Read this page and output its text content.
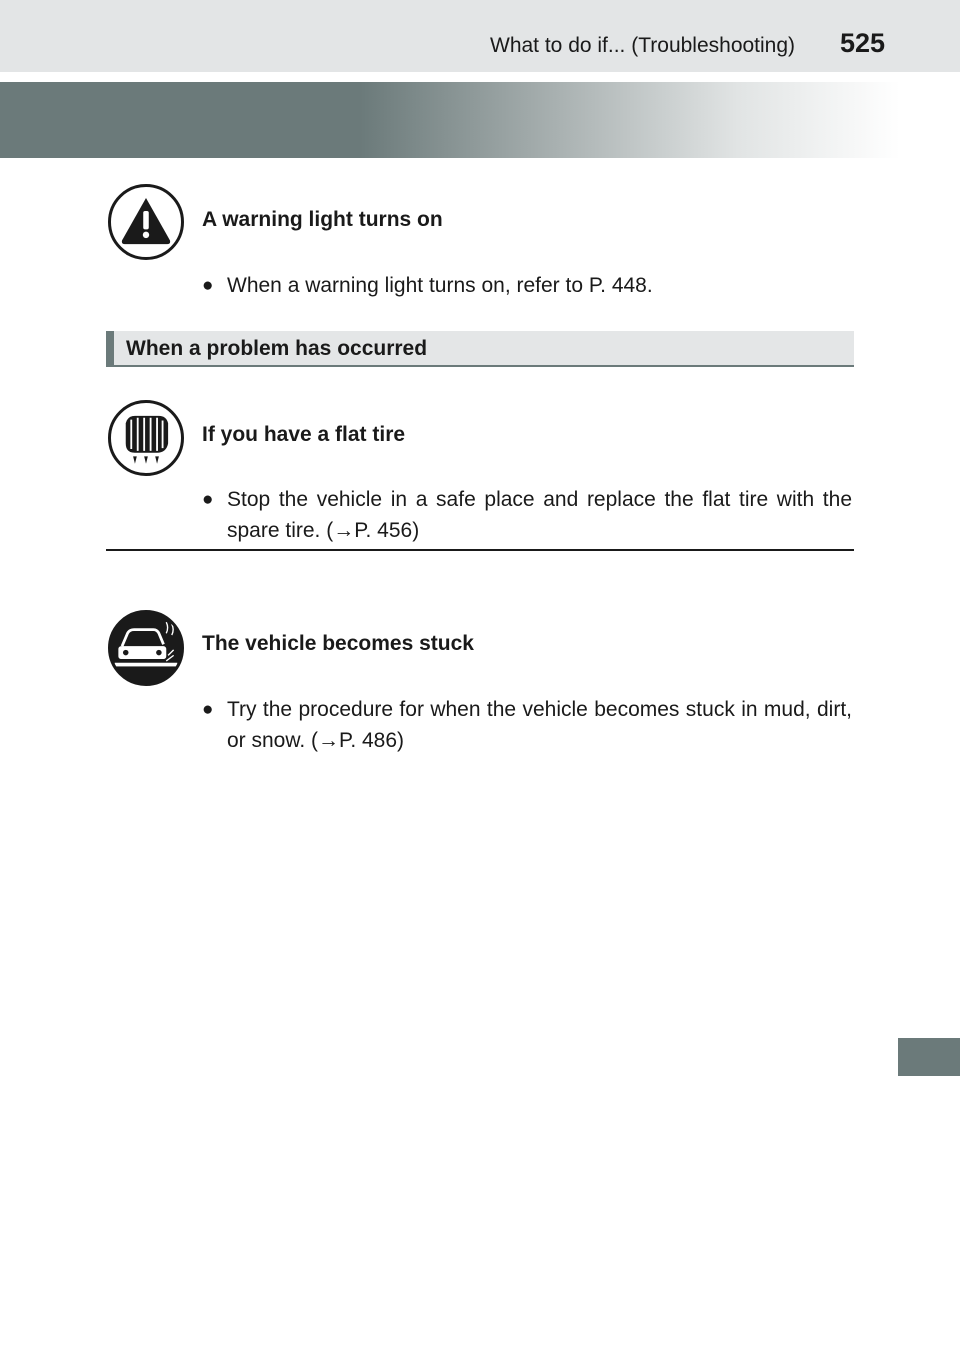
What to do if... (Troubleshooting) 525
A warning light turns on
● When a warning light turns on, refer to P. 448.
When a problem has occurred
If you have a flat tire
● Stop the vehicle in a safe place and replace the flat tire with the spare tire. (→P. 456)
The vehicle becomes stuck
● Try the procedure for when the vehicle becomes stuck in mud, dirt, or snow. (→P. 486)
